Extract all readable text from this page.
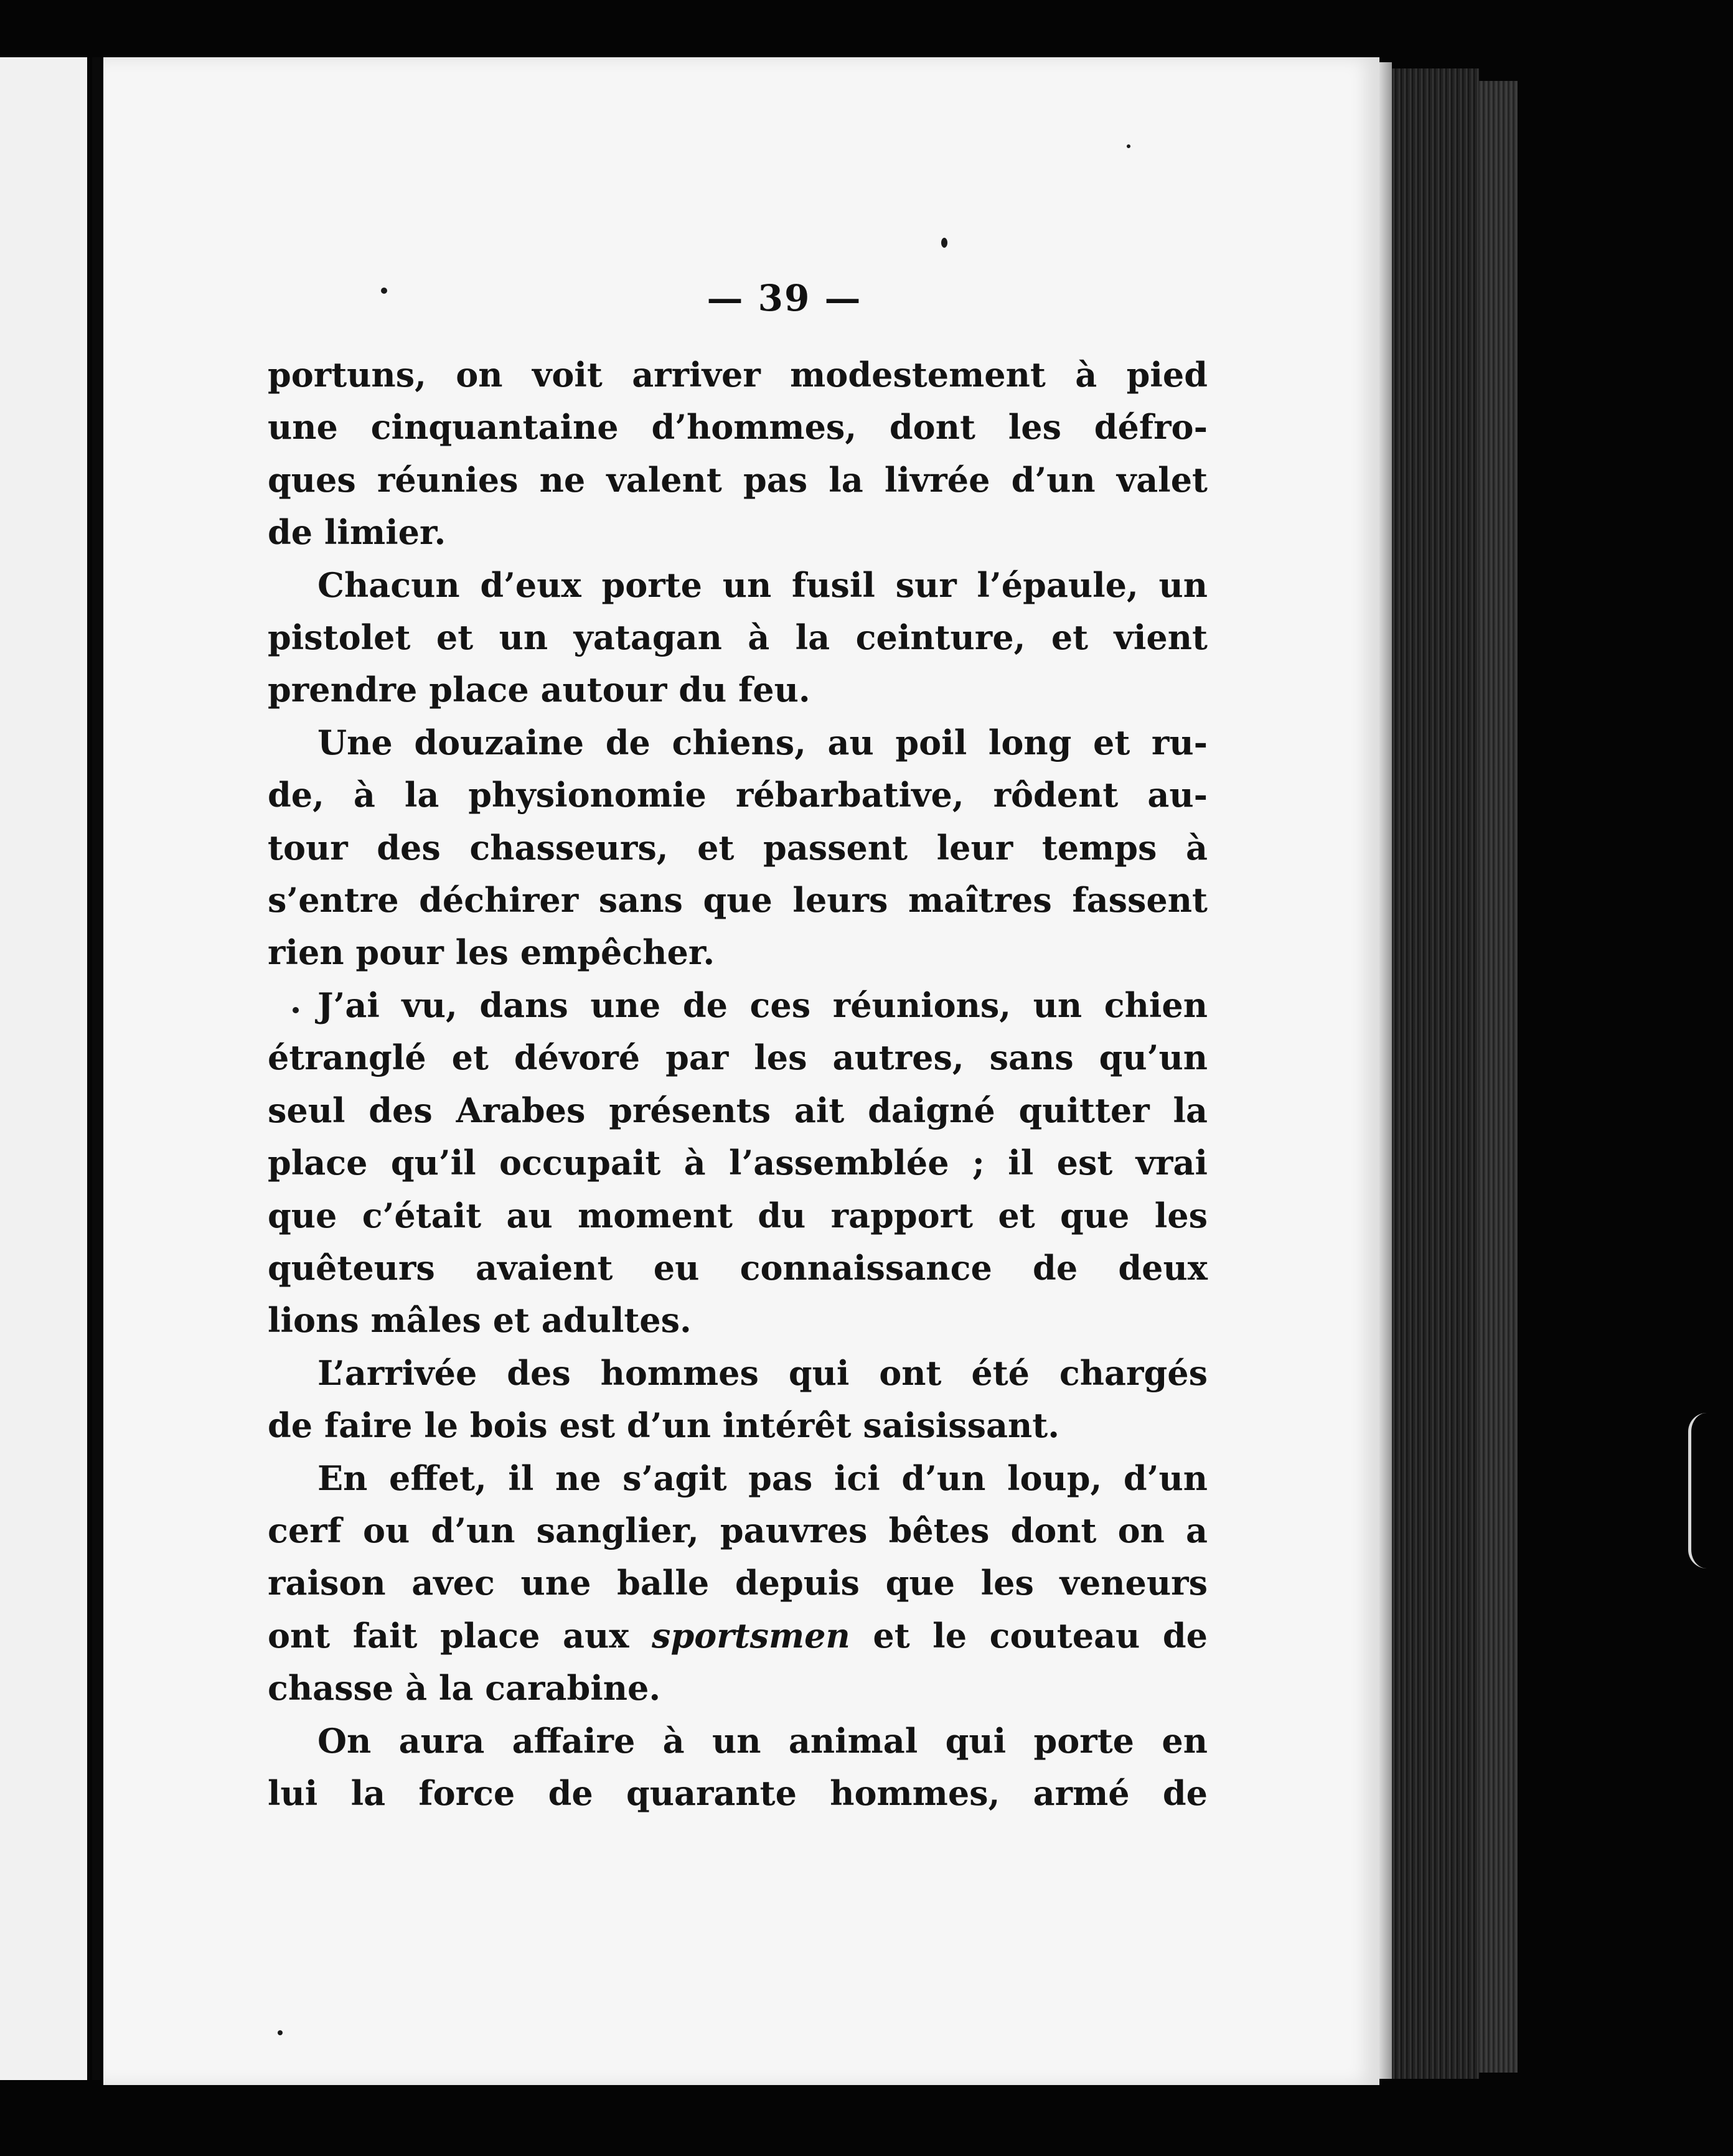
— 39 —
portuns, on voit arriver modestement à pied
une cinquantaine d’hommes, dont les défro-
ques réunies ne valent pas la livrée d’un valet
de limier.
Chacun d’eux porte un fusil sur l’épaule, un
pistolet et un yatagan à la ceinture, et vient
prendre place autour du feu.
Une douzaine de chiens, au poil long et ru-
de, à la physionomie rébarbative, rôdent au-
tour des chasseurs, et passent leur temps à
s’entre déchirer sans que leurs maîtres fassent
rien pour les empêcher.
J’ai vu, dans une de ces réunions, un chien
étranglé et dévoré par les autres, sans qu’un
seul des Arabes présents ait daigné quitter la
place qu’il occupait à l’assemblée ; il est vrai
que c’était au moment du rapport et que les
quêteurs avaient eu connaissance de deux
lions mâles et adultes.
L’arrivée des hommes qui ont été chargés
de faire le bois est d’un intérêt saisissant.
En effet, il ne s’agit pas ici d’un loup, d’un
cerf ou d’un sanglier, pauvres bêtes dont on a
raison avec une balle depuis que les veneurs
ont fait place aux sportsmen et le couteau de
chasse à la carabine.
On aura affaire à un animal qui porte en
lui la force de quarante hommes, armé de
